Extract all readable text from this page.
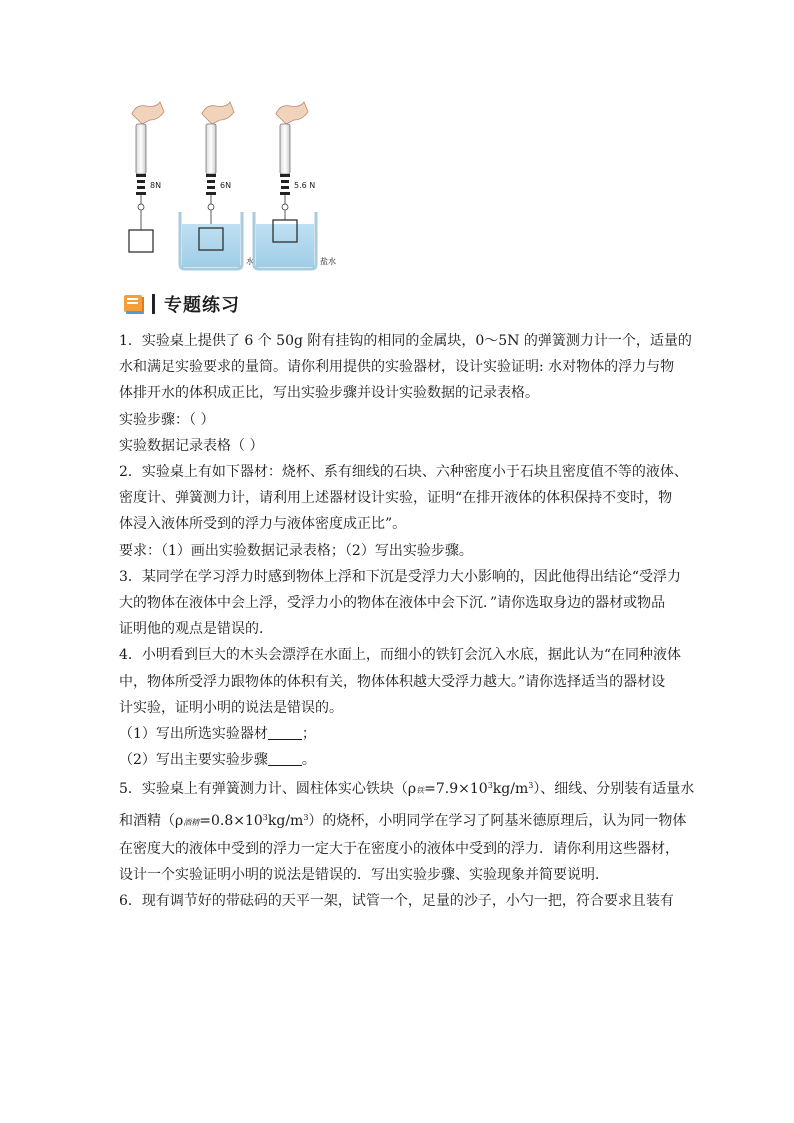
8N	6N
水
5.6 N
盐水
专题练习

1．实验桌上提供了 6 个 50g 附有挂钩的相同的金属块，0～5N 的弹簧测力计一个，适量的
水和满足实验要求的量筒。请你利用提供的实验器材，设计实验证明: 水对物体的浮力与物
体排开水的体积成正比，写出实验步骤并设计实验数据的记录表格。
实验步骤：（ ）
实验数据记录表格（ ）

2．实验桌上有如下器材：烧杯、系有细线的石块、六种密度小于石块且密度值不等的液体、
密度计、弹簧测力计，请利用上述器材设计实验，证明“在排开液体的体积保持不变时，物
体浸入液体所受到的浮力与液体密度成正比”。
要求：（1）画出实验数据记录表格；（2）写出实验步骤。

3．某同学在学习浮力时感到物体上浮和下沉是受浮力大小影响的，因此他得出结论“受浮力
大的物体在液体中会上浮，受浮力小的物体在液体中会下沉．”请你选取身边的器材或物品
证明他的观点是错误的．

4．小明看到巨大的木头会漂浮在水面上，而细小的铁钉会沉入水底，据此认为“在同种液体
中，物体所受浮力跟物体的体积有关，物体体积越大受浮力越大。”请你选择适当的器材设
计实验，证明小明的说法是错误的。
（1）写出所选实验器材 ；
（2）写出主要实验步骤 。

5．实验桌上有弹簧测力计、圆柱体实心铁块（ρ铁$=7.9\times 10^3kg/m^3$）、细线、分别装有适量水
和酒精（ρ酒精$=0.8\times 10^3kg/m^3$）的烧杯，小明同学在学习了阿基米德原理后，认为同一物体
在密度大的液体中受到的浮力一定大于在密度小的液体中受到的浮力．请你利用这些器材，
设计一个实验证明小明的说法是错误的．写出实验步骤、实验现象并简要说明．

6．现有调节好的带砝码的天平一架，试管一个，足量的沙子，小勺一把，符合要求且装有
